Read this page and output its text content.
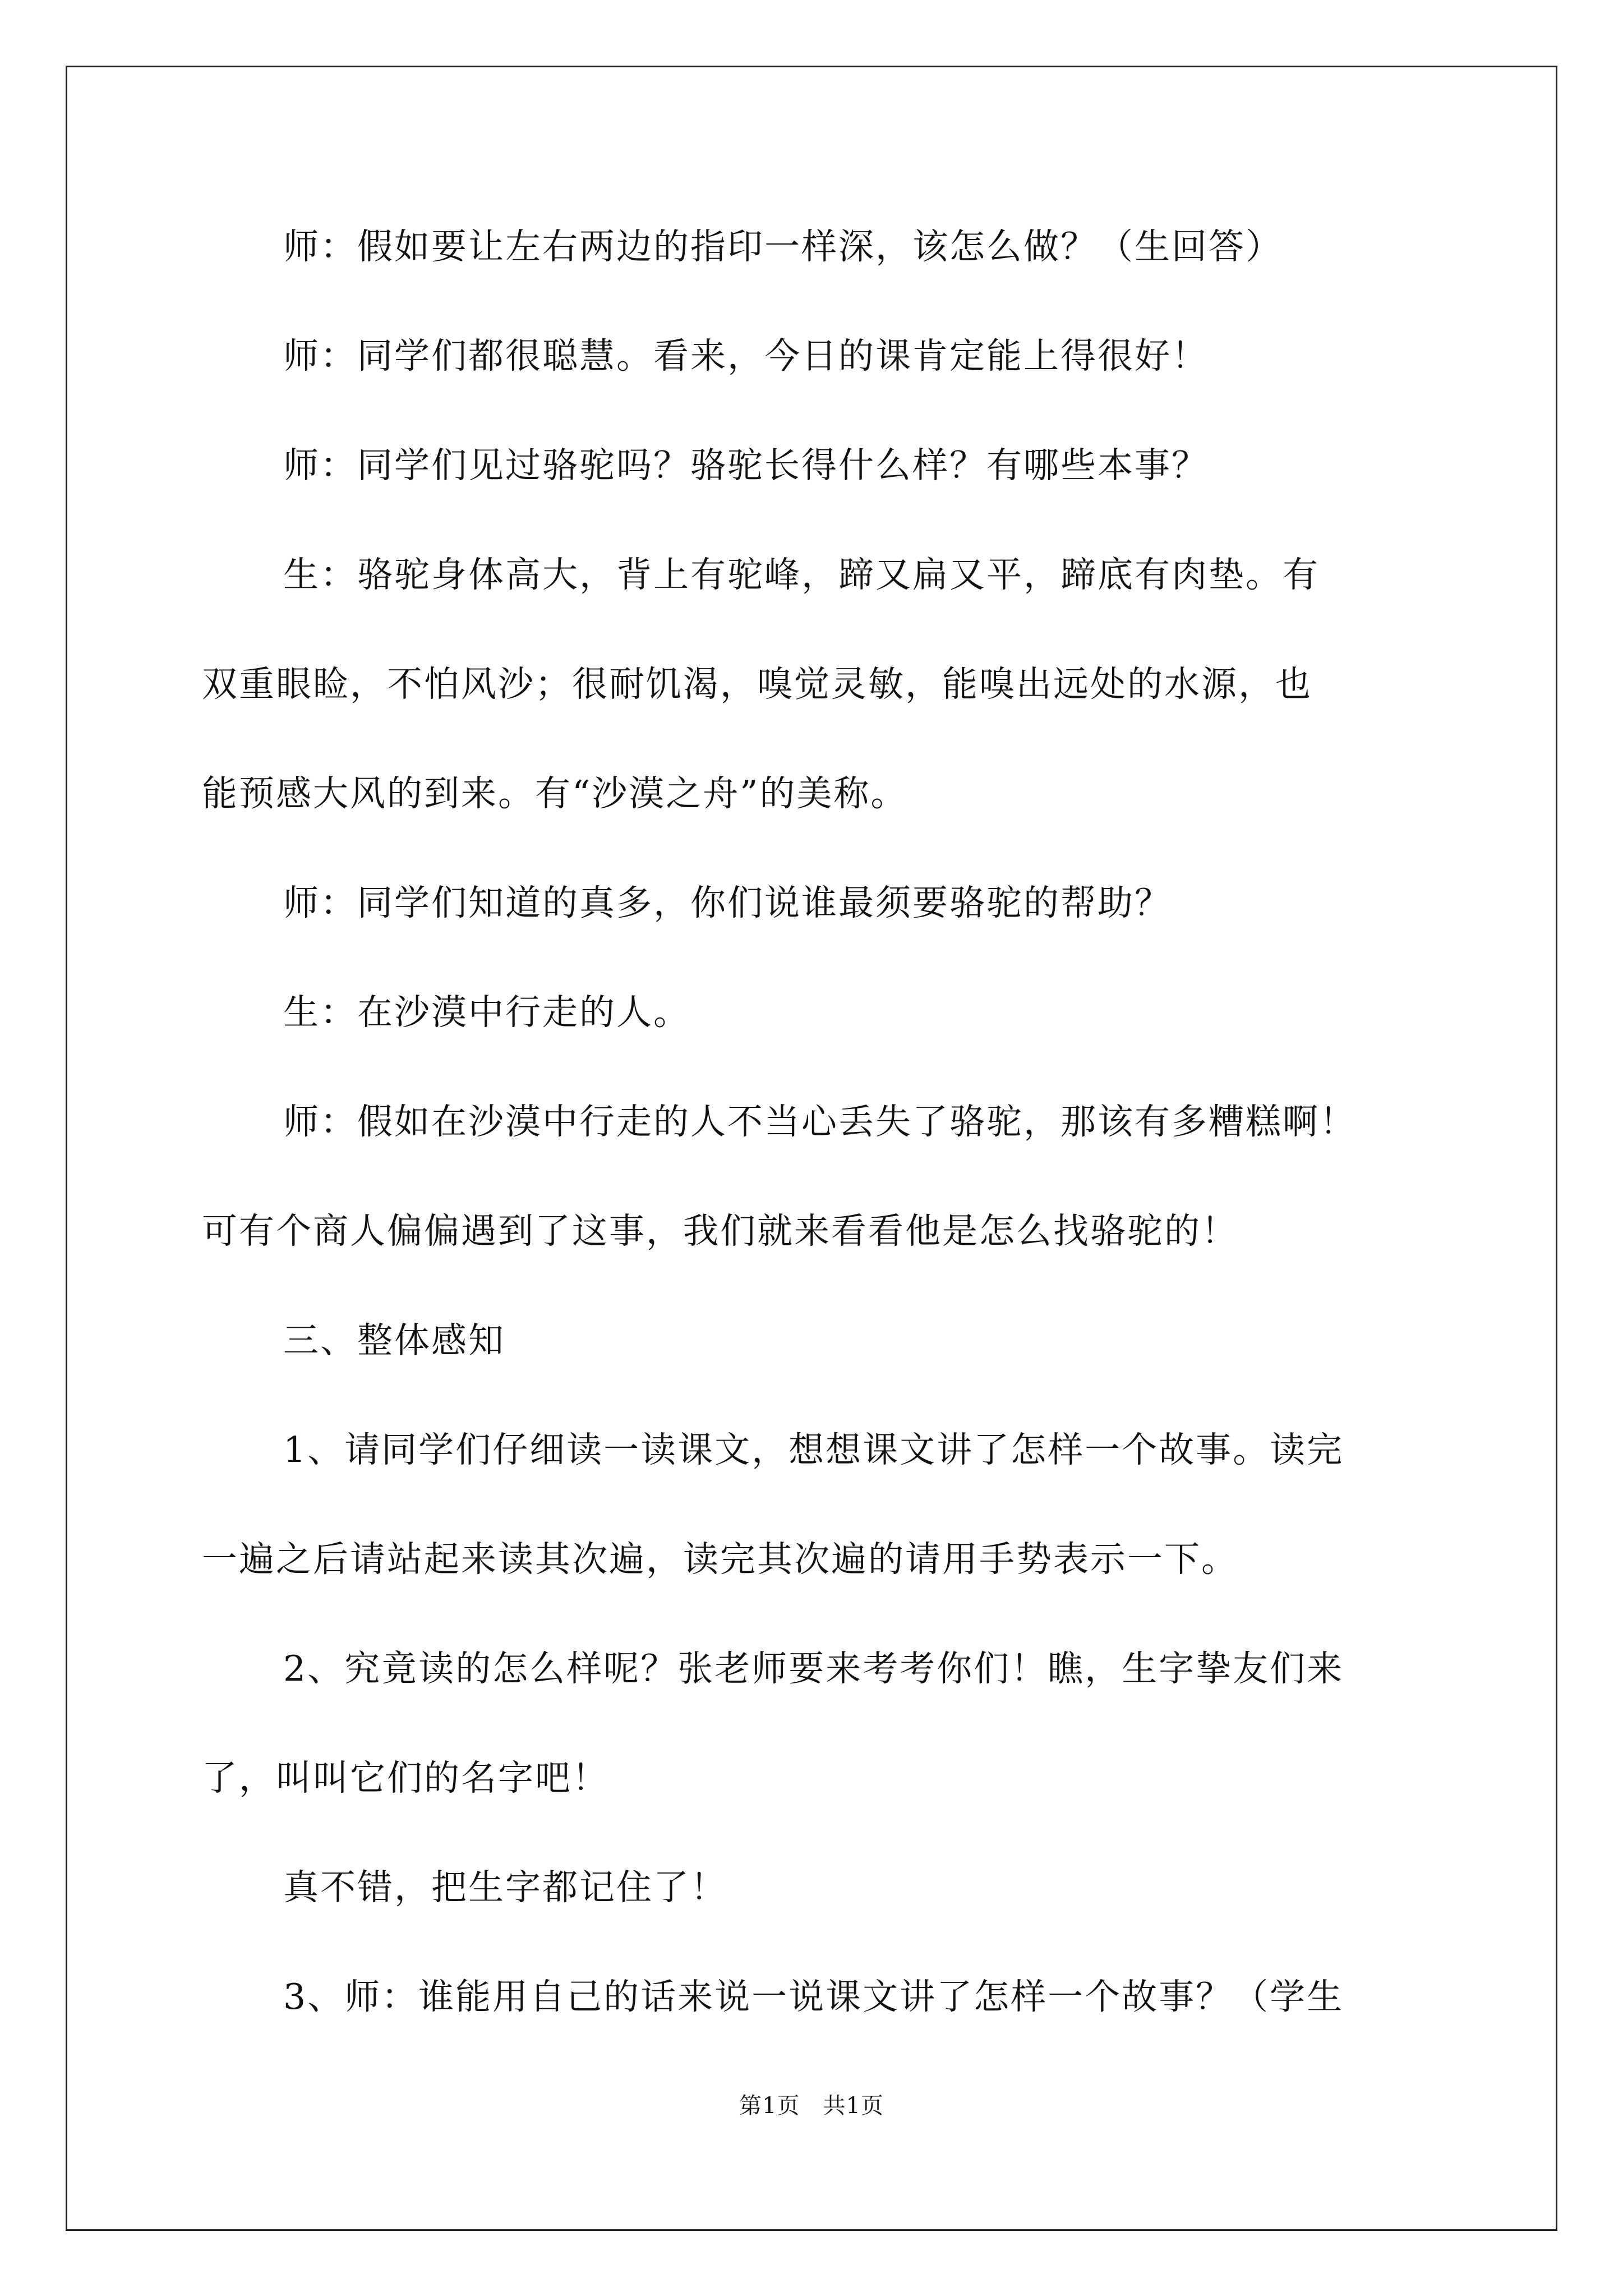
师：假如要让左右两边的指印一样深，该怎么做？（生回答）
师：同学们都很聪慧。看来，今日的课肯定能上得很好！
师：同学们见过骆驼吗？骆驼长得什么样？有哪些本事？
生：骆驼身体高大，背上有驼峰，蹄又扁又平，蹄底有肉垫。有
双重眼睑，不怕风沙；很耐饥渴，嗅觉灵敏，能嗅出远处的水源，也
能预感大风的到来。有“沙漠之舟”的美称。
师：同学们知道的真多，你们说谁最须要骆驼的帮助？
生：在沙漠中行走的人。
师：假如在沙漠中行走的人不当心丢失了骆驼，那该有多糟糕啊！
可有个商人偏偏遇到了这事，我们就来看看他是怎么找骆驼的！
三、整体感知
1、请同学们仔细读一读课文，想想课文讲了怎样一个故事。读完
一遍之后请站起来读其次遍，读完其次遍的请用手势表示一下。
2、究竟读的怎么样呢？张老师要来考考你们！瞧，生字挚友们来
了，叫叫它们的名字吧！
真不错，把生字都记住了！
3、师：谁能用自己的话来说一说课文讲了怎样一个故事？（学生
第1页　共1页
